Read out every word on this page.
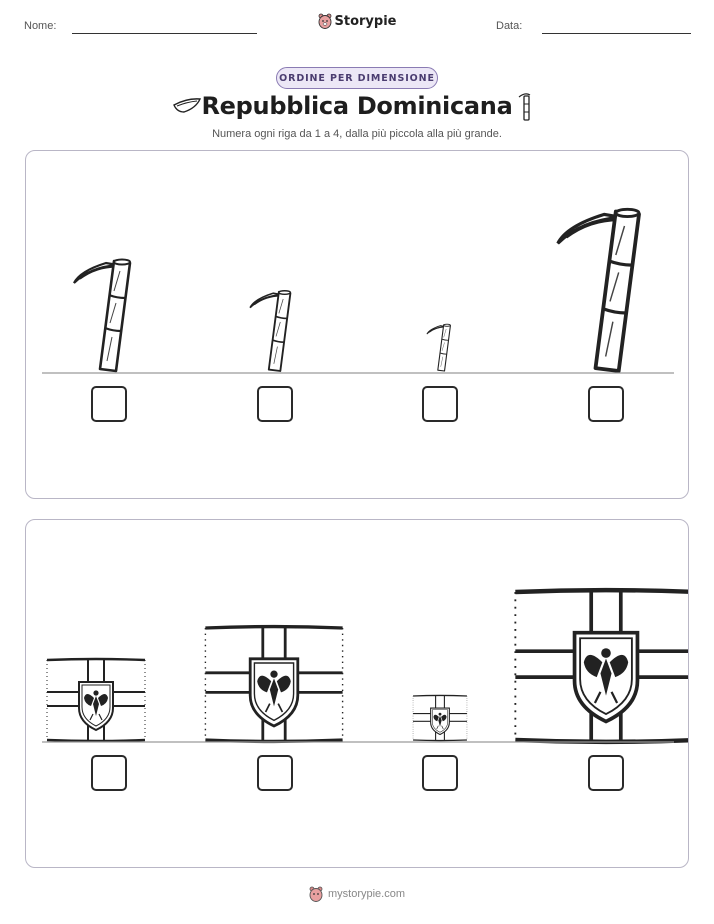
Nome:	Data:
Storypie
ORDINE PER DIMENSIONE
Repubblica Dominicana
Numera ogni riga da 1 a 4, dalla più piccola alla più grande.
mystorypie.com
